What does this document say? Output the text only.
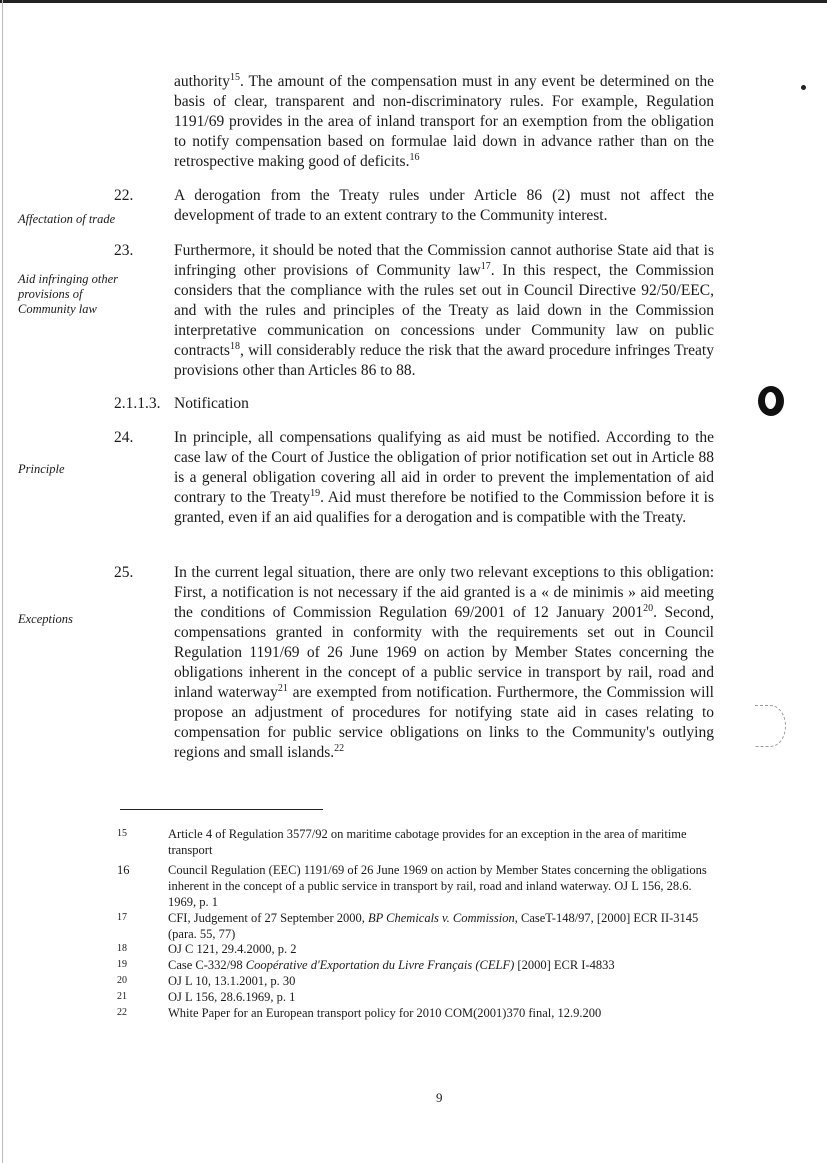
authority$^{15}$. The amount of the compensation must in any event be determined on the basis of clear, transparent and non-discriminatory rules. For example, Regulation 1191/69 provides in the area of inland transport for an exemption from the obligation to notify compensation based on formulae laid down in advance rather than on the retrospective making good of deficits.$^{16}$

22.
Affectation of trade

A derogation from the Treaty rules under Article 86 (2) must not affect the development of trade to an extent contrary to the Community interest.

23.
Aid infringing other provisions of Community law

Furthermore, it should be noted that the Commission cannot authorise State aid that is infringing other provisions of Community law$^{17}$. In this respect, the Commission considers that the compliance with the rules set out in Council Directive 92/50/EEC, and with the rules and principles of the Treaty as laid down in the Commission interpretative communication on concessions under Community law on public contracts$^{18}$, will considerably reduce the risk that the award procedure infringes Treaty provisions other than Articles 86 to 88.

2.1.1.3. Notification
24.
Principle

In principle, all compensations qualifying as aid must be notified. According to the case law of the Court of Justice the obligation of prior notification set out in Article 88 is a general obligation covering all aid in order to prevent the implementation of aid contrary to the Treaty$^{19}$. Aid must therefore be notified to the Commission before it is granted, even if an aid qualifies for a derogation and is compatible with the Treaty.

25.
Exceptions

In the current legal situation, there are only two relevant exceptions to this obligation: First, a notification is not necessary if the aid granted is a « de minimis » aid meeting the conditions of Commission Regulation 69/2001 of 12 January 2001$^{20}$. Second, compensations granted in conformity with the requirements set out in Council Regulation 1191/69 of 26 June 1969 on action by Member States concerning the obligations inherent in the concept of a public service in transport by rail, road and inland waterway$^{21}$ are exempted from notification. Furthermore, the Commission will propose an adjustment of procedures for notifying state aid in cases relating to compensation for public service obligations on links to the Community's outlying regions and small islands.$^{22}$

15	Article 4 of Regulation 3577/92 on maritime cabotage provides for an exception in the area of maritime transport

16	Council Regulation (EEC) 1191/69 of 26 June 1969 on action by Member States concerning the obligations inherent in the concept of a public service in transport by rail, road and inland waterway. OJ L 156, 28.6. 1969, p. 1

17	CFI, Judgement of 27 September 2000, BP Chemicals v. Commission, CaseT-148/97, [2000] ECR II-3145 (para. 55, 77)

18	OJ C 121, 29.4.2000, p. 2

19	Case C-332/98 Coopérative d'Exportation du Livre Français (CELF) [2000] ECR I-4833

20	OJ L 10, 13.1.2001, p. 30

21	OJ L 156, 28.6.1969, p. 1

22	White Paper for an European transport policy for 2010 COM(2001)370 final, 12.9.200

9
